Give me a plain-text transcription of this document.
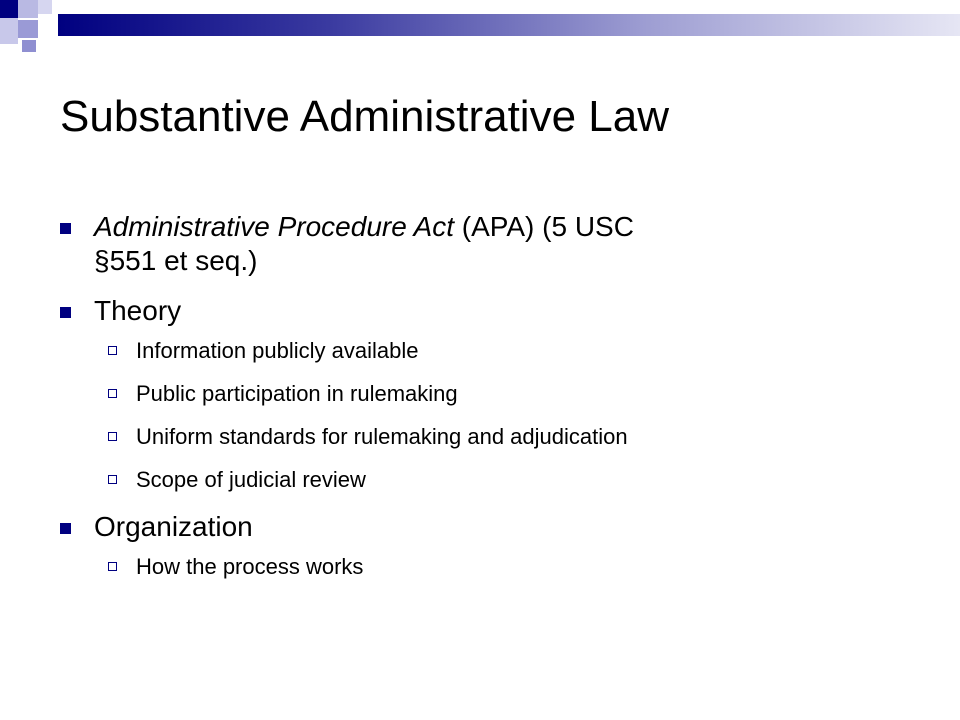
Substantive Administrative Law
Administrative Procedure Act (APA) (5 USC
§551 et seq.)
Theory
Information publicly available
Public participation in rulemaking
Uniform standards for rulemaking and adjudication
Scope of judicial review
Organization
How the process works
